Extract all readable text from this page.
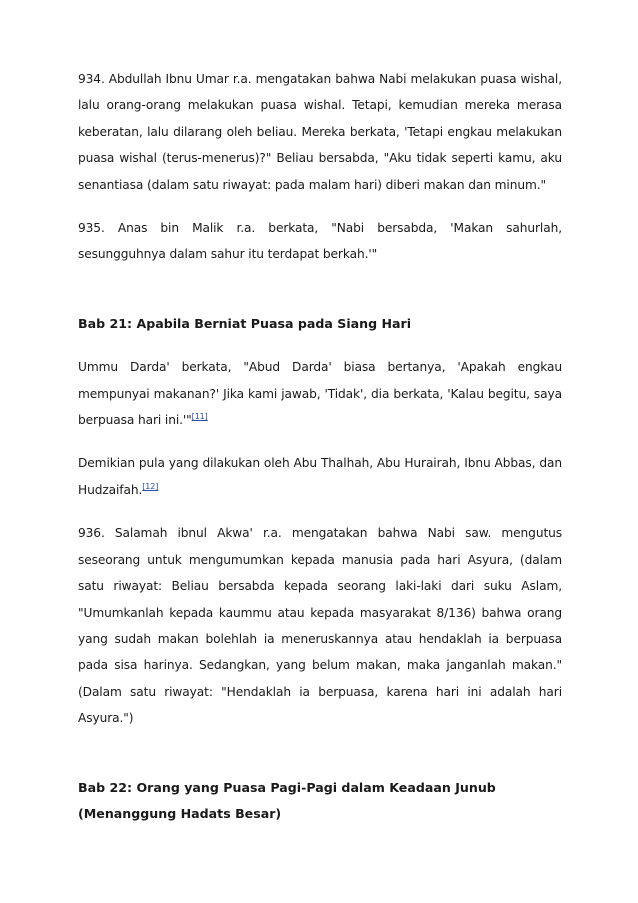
934. Abdullah Ibnu Umar r.a. mengatakan bahwa Nabi melakukan puasa wishal, lalu orang-orang melakukan puasa wishal. Tetapi, kemudian mereka merasa keberatan, lalu dilarang oleh beliau. Mereka berkata, 'Tetapi engkau melakukan puasa wishal (terus-menerus)?" Beliau bersabda, "Aku tidak seperti kamu, aku senantiasa (dalam satu riwayat: pada malam hari) diberi makan dan minum."

935. Anas bin Malik r.a. berkata, "Nabi bersabda, 'Makan sahurlah, sesungguhnya dalam sahur itu terdapat berkah.'"

Bab 21: Apabila Berniat Puasa pada Siang Hari

Ummu Darda' berkata, "Abud Darda' biasa bertanya, 'Apakah engkau mempunyai makanan?' Jika kami jawab, 'Tidak', dia berkata, 'Kalau begitu, saya berpuasa hari ini.'"[11]

Demikian pula yang dilakukan oleh Abu Thalhah, Abu Hurairah, Ibnu Abbas, dan Hudzaifah.[12]

936. Salamah ibnul Akwa' r.a. mengatakan bahwa Nabi saw. mengutus seseorang untuk mengumumkan kepada manusia pada hari Asyura, (dalam satu riwayat: Beliau bersabda kepada seorang laki-laki dari suku Aslam, "Umumkanlah kepada kaummu atau kepada masyarakat 8/136) bahwa orang yang sudah makan bolehlah ia meneruskannya atau hendaklah ia berpuasa pada sisa harinya. Sedangkan, yang belum makan, maka janganlah makan." (Dalam satu riwayat: "Hendaklah ia berpuasa, karena hari ini adalah hari Asyura.")

Bab 22: Orang yang Puasa Pagi-Pagi dalam Keadaan Junub (Menanggung Hadats Besar)
